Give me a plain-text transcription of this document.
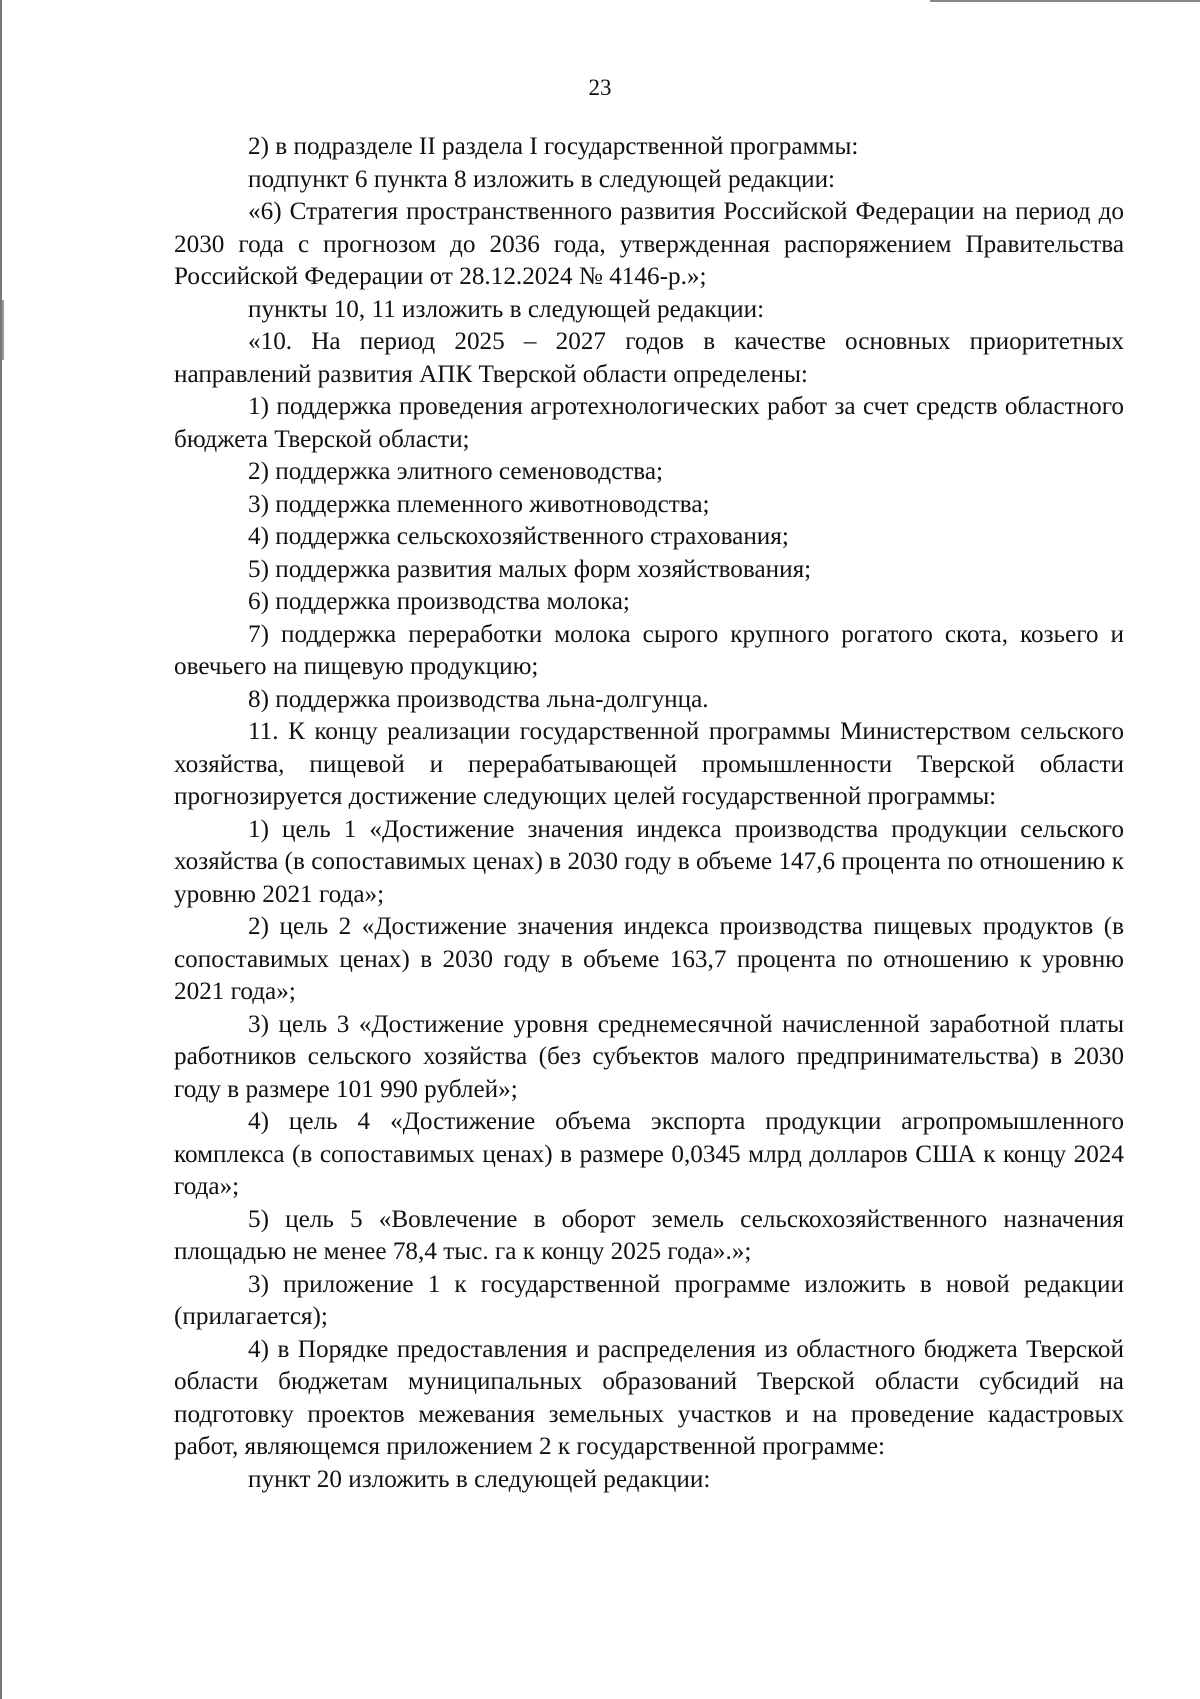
23

2) в подразделе II раздела I государственной программы:

подпункт 6 пункта 8 изложить в следующей редакции:

«6) Стратегия пространственного развития Российской Федерации на период до 2030 года с прогнозом до 2036 года, утвержденная распоряжением Правительства Российской Федерации от 28.12.2024 № 4146-р.»;

пункты 10, 11 изложить в следующей редакции:

«10. На период 2025 – 2027 годов в качестве основных приоритетных направлений развития АПК Тверской области определены:

1) поддержка проведения агротехнологических работ за счет средств областного бюджета Тверской области;

2) поддержка элитного семеноводства;

3) поддержка племенного животноводства;

4) поддержка сельскохозяйственного страхования;

5) поддержка развития малых форм хозяйствования;

6) поддержка производства молока;

7) поддержка переработки молока сырого крупного рогатого скота, козьего и овечьего на пищевую продукцию;

8) поддержка производства льна-долгунца.

11. К концу реализации государственной программы Министерством сельского хозяйства, пищевой и перерабатывающей промышленности Тверской области прогнозируется достижение следующих целей государственной программы:

1) цель 1 «Достижение значения индекса производства продукции сельского хозяйства (в сопоставимых ценах) в 2030 году в объеме 147,6 процента по отношению к уровню 2021 года»;

2) цель 2 «Достижение значения индекса производства пищевых продуктов (в сопоставимых ценах) в 2030 году в объеме 163,7 процента по отношению к уровню 2021 года»;

3) цель 3 «Достижение уровня среднемесячной начисленной заработной платы работников сельского хозяйства (без субъектов малого предпринимательства) в 2030 году в размере 101 990 рублей»;

4) цель 4 «Достижение объема экспорта продукции агропромышленного комплекса (в сопоставимых ценах) в размере 0,0345 млрд долларов США к концу 2024 года»;

5) цель 5 «Вовлечение в оборот земель сельскохозяйственного назначения площадью не менее 78,4 тыс. га к концу 2025 года».»;

3) приложение 1 к государственной программе изложить в новой редакции (прилагается);

4) в Порядке предоставления и распределения из областного бюджета Тверской области бюджетам муниципальных образований Тверской области субсидий на подготовку проектов межевания земельных участков и на проведение кадастровых работ, являющемся приложением 2 к государственной программе:

пункт 20 изложить в следующей редакции:
